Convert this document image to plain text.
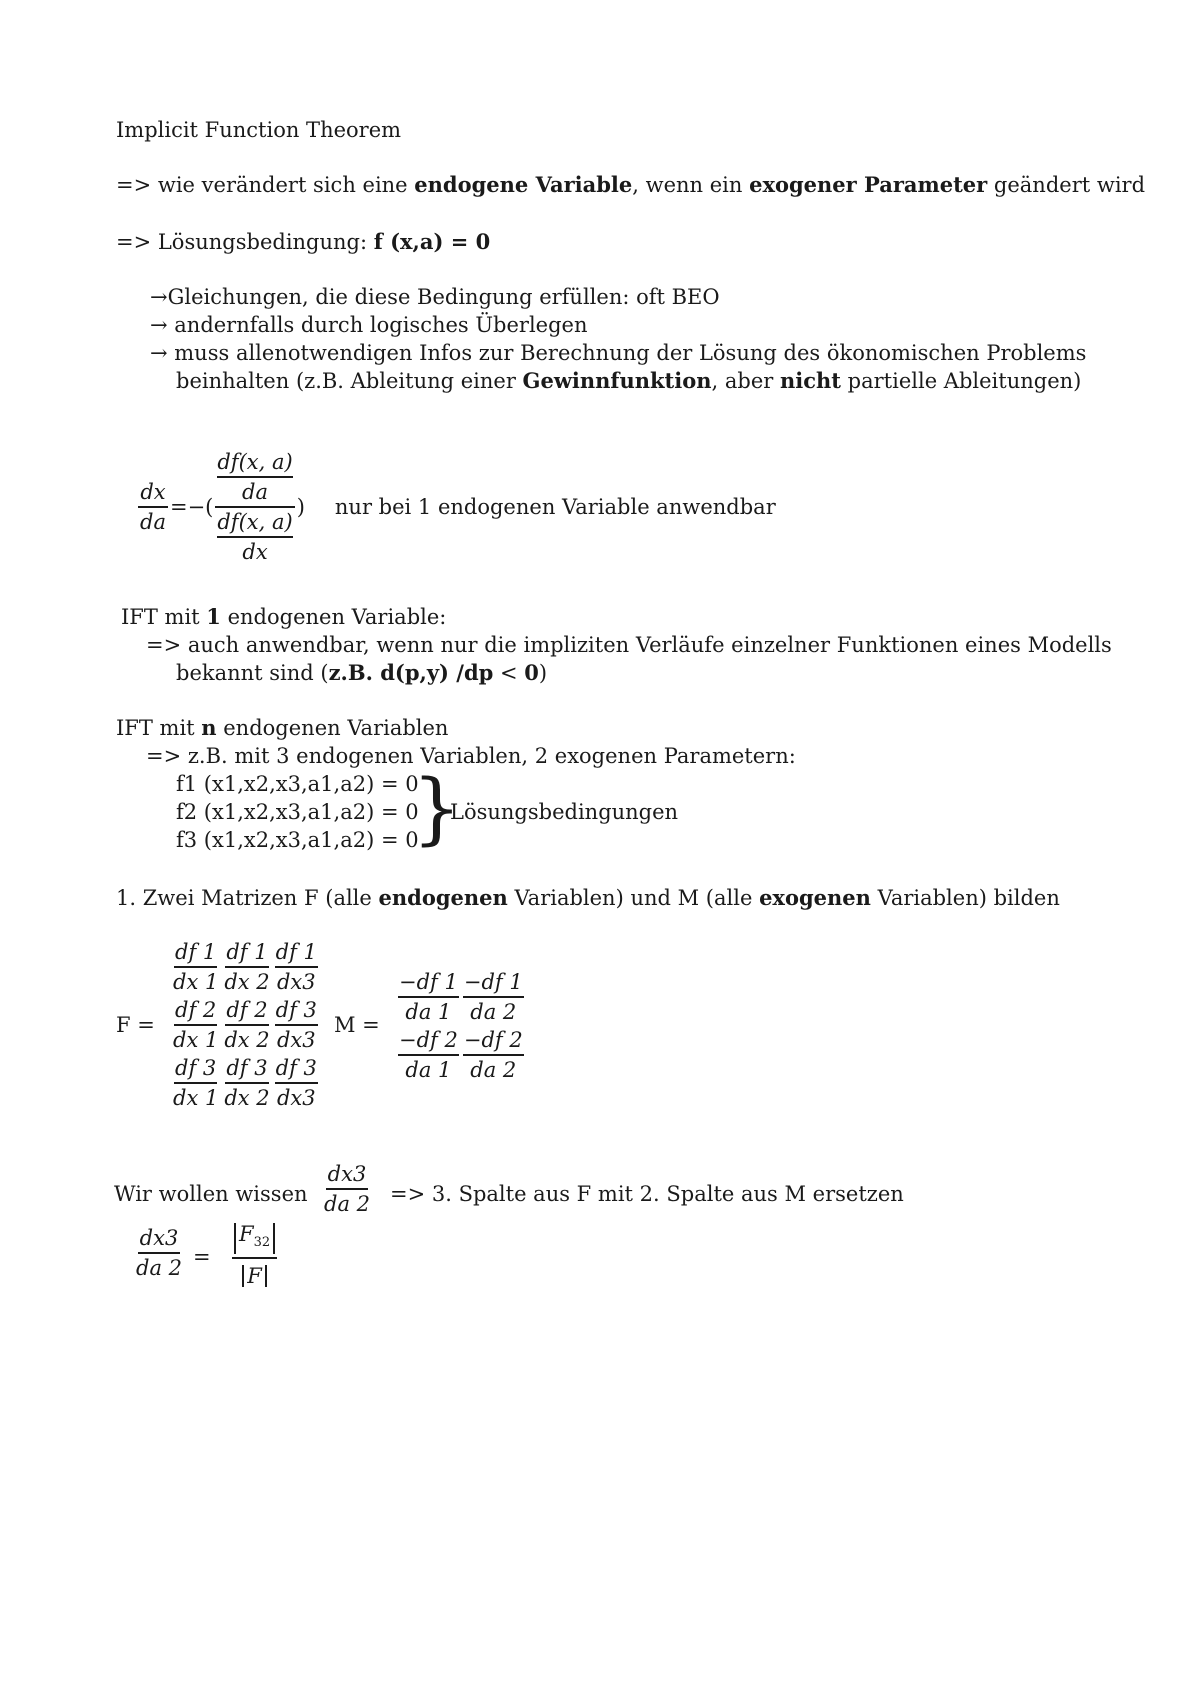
Implicit Function Theorem
=> wie verändert sich eine endogene Variable, wenn ein exogener Parameter geändert wird
=> Lösungsbedingung: f (x,a) = 0
→Gleichungen, die diese Bedingung erfüllen: oft BEO
→ andernfalls durch logisches Überlegen
→ muss allenotwendigen Infos zur Berechnung der Lösung des ökonomischen Problems
beinhalten (z.B. Ableitung einer Gewinnfunktion, aber nicht partielle Ableitungen)
$\frac{dx}{da}$ =−( $\frac{\frac{df(x, a)}{da}}{\frac{df(x, a)}{dx}}$ ) nur bei 1 endogenen Variable anwendbar
IFT mit 1 endogenen Variable:
=> auch anwendbar, wenn nur die impliziten Verläufe einzelner Funktionen eines Modells
bekannt sind (z.B. d(p,y) /dp < 0)
IFT mit n endogenen Variablen
=> z.B. mit 3 endogenen Variablen, 2 exogenen Parametern:
f1 (x1,x2,x3,a1,a2) = 0
f2 (x1,x2,x3,a1,a2) = 0
f3 (x1,x2,x3,a1,a2) = 0
}
Lösungsbedingungen
1. Zwei Matrizen F (alle endogenen Variablen) und M (alle exogenen Variablen) bilden
F =
$\frac{df 1}{dx 1} \frac{df 1}{dx 2} \frac{df 1}{dx3}$
$\frac{df 2}{dx 1} \frac{df 2}{dx 2} \frac{df 3}{dx3}$
$\frac{df 3}{dx 1} \frac{df 3}{dx 2} \frac{df 3}{dx3}$
$M = \frac{-df 1}{da 1} \frac{-df 1}{da 2}$
$\frac{-df 2}{da 1} \frac{-df 2}{da 2}$
Wir wollen wissen $\frac{dx3}{da 2} => 3$. Spalte aus F mit 2. Spalte aus M ersetzen
$\frac{dx3}{da 2} = \frac{F_{32}}{F}$
